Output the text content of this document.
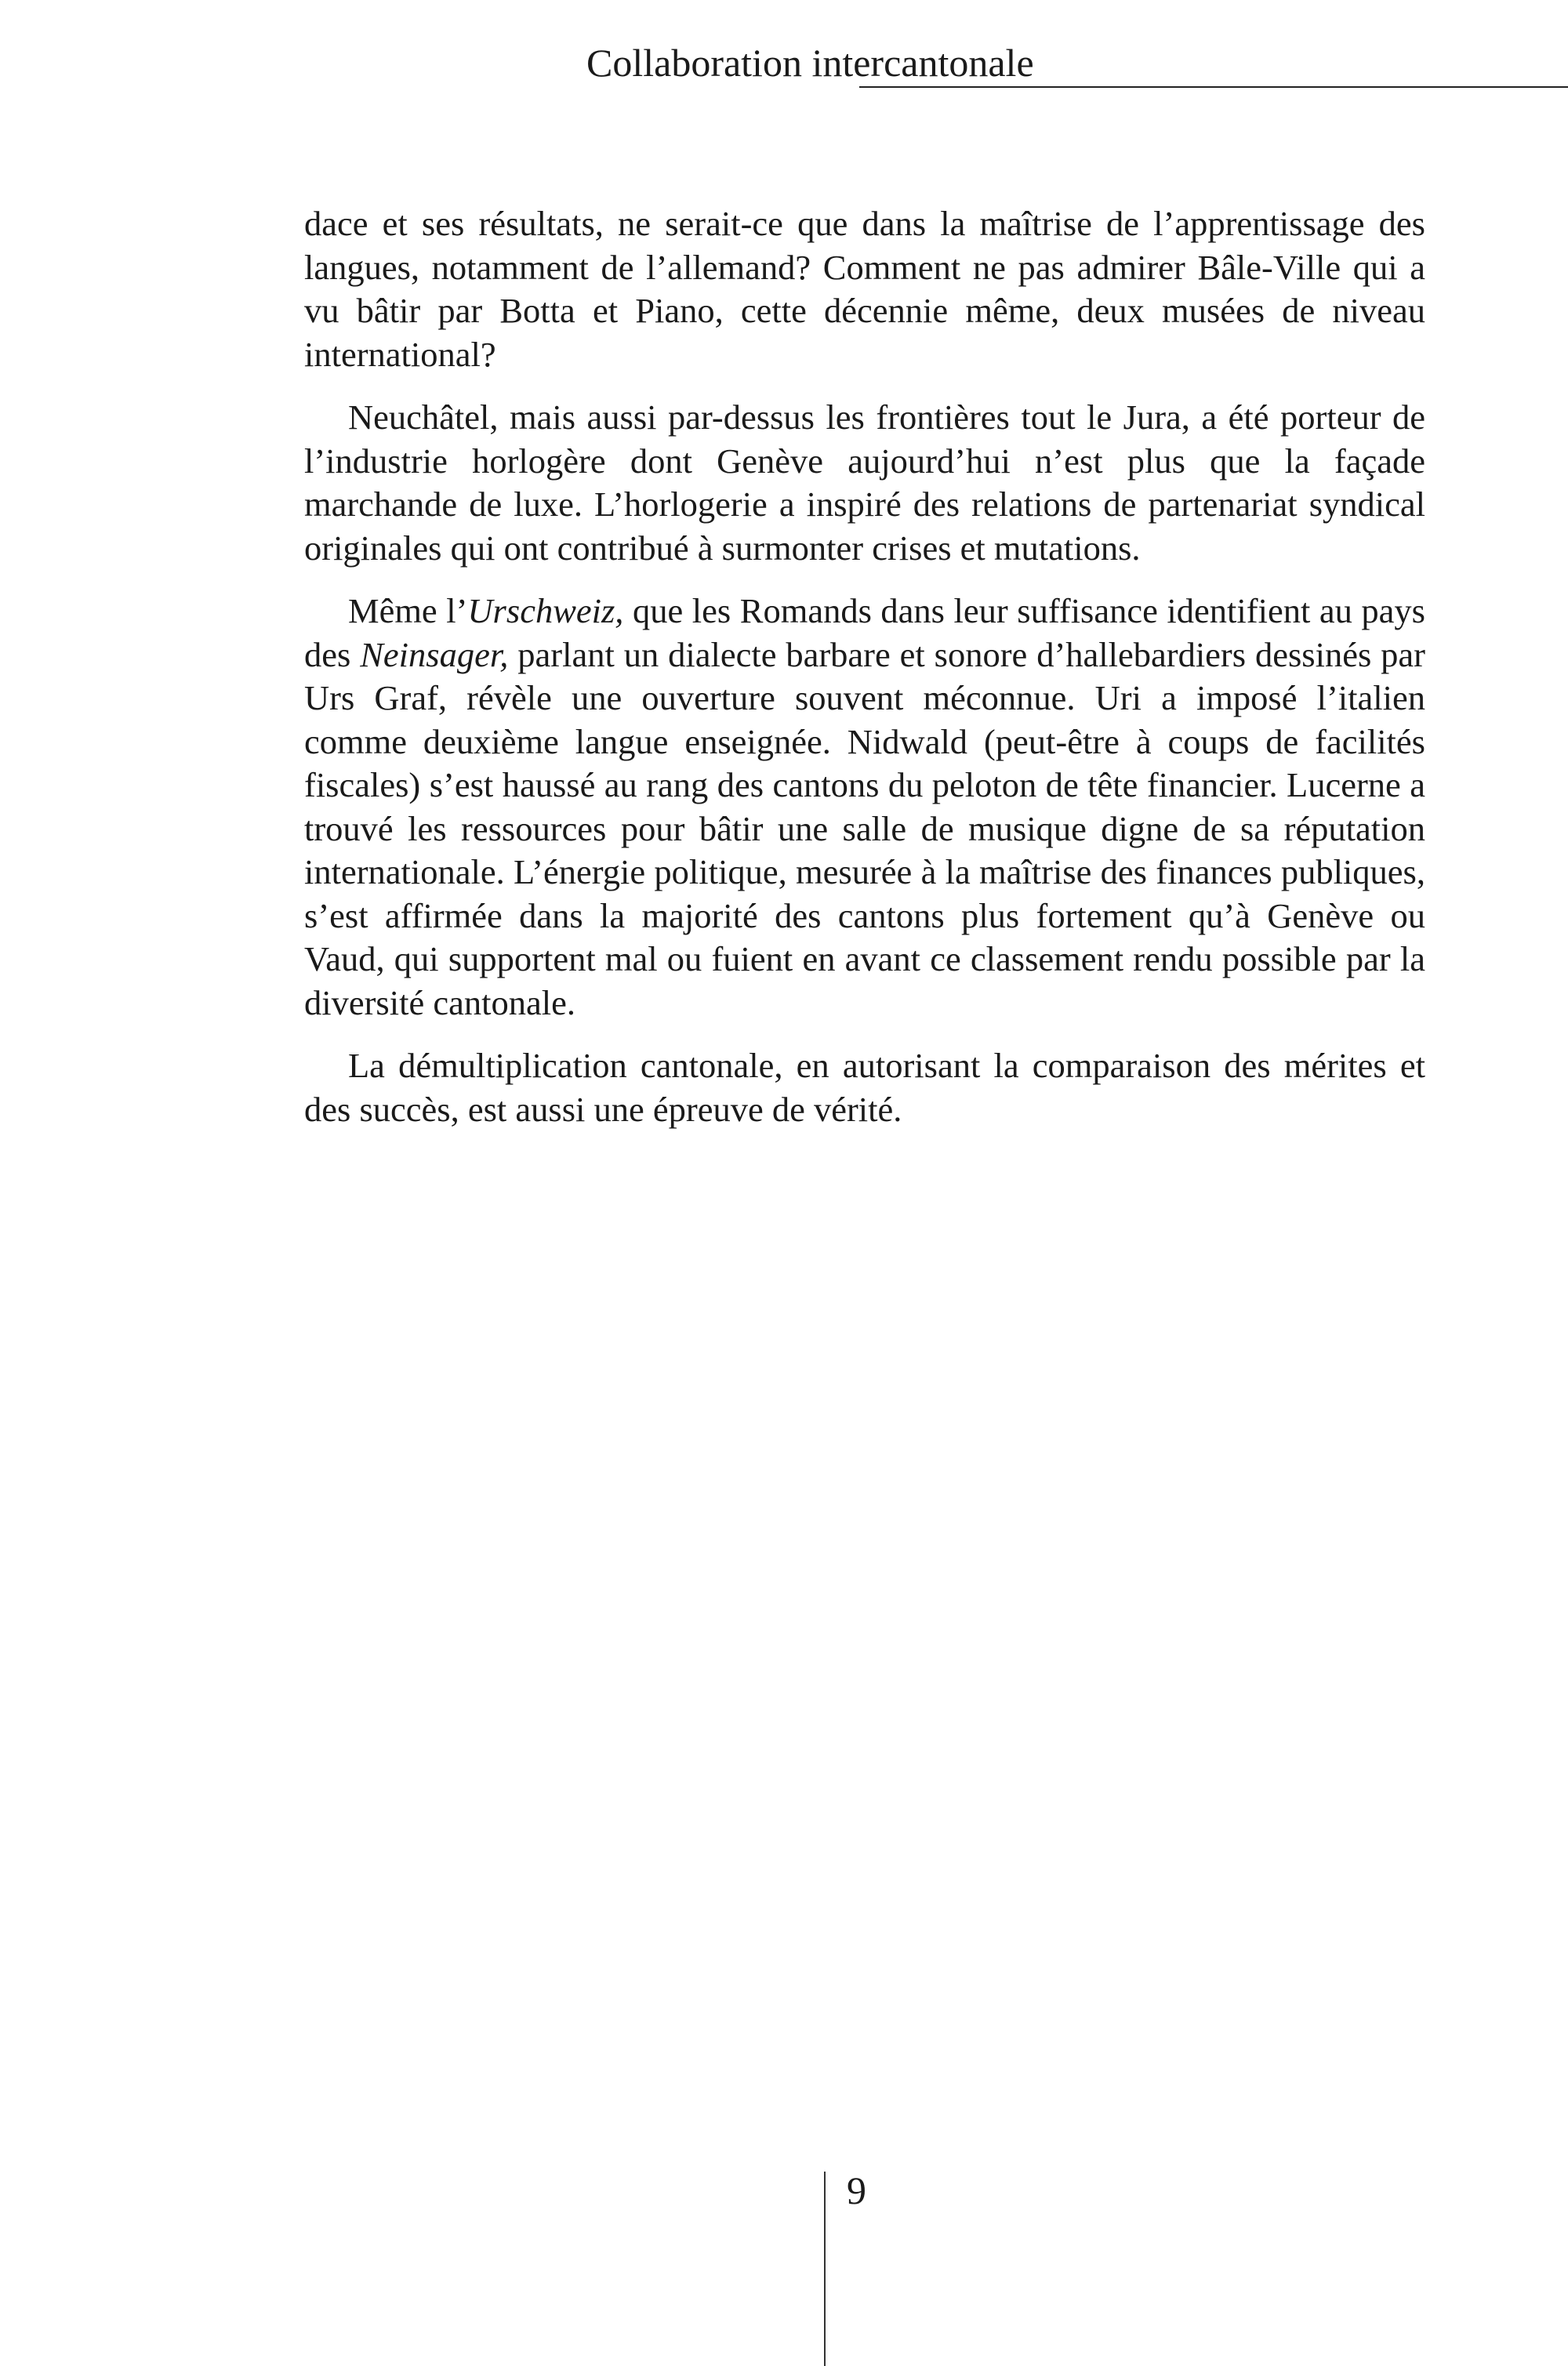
Collaboration intercantonale

dace et ses résultats, ne serait-ce que dans la maîtrise de l’apprentissage des langues, notamment de l’allemand? Comment ne pas admirer Bâle-Ville qui a vu bâtir par Botta et Piano, cette décennie même, deux musées de niveau international?

Neuchâtel, mais aussi par-dessus les frontières tout le Jura, a été porteur de l’industrie horlogère dont Genève aujourd’hui n’est plus que la façade marchande de luxe. L’horlogerie a inspiré des relations de partenariat syndical originales qui ont contribué à surmonter crises et mutations.

Même l’Urschweiz, que les Romands dans leur suffisance identifient au pays des Neinsager, parlant un dialecte barbare et sonore d’hallebardiers dessinés par Urs Graf, révèle une ouverture souvent méconnue. Uri a imposé l’italien comme deuxième langue enseignée. Nidwald (peut-être à coups de facilités fiscales) s’est haussé au rang des cantons du peloton de tête financier. Lucerne a trouvé les ressources pour bâtir une salle de musique digne de sa réputation internationale. L’énergie politique, mesurée à la maîtrise des finances publiques, s’est affirmée dans la majorité des cantons plus fortement qu’à Genève ou Vaud, qui supportent mal ou fuient en avant ce classement rendu possible par la diversité cantonale.

La démultiplication cantonale, en autorisant la comparaison des mérites et des succès, est aussi une épreuve de vérité.

9
